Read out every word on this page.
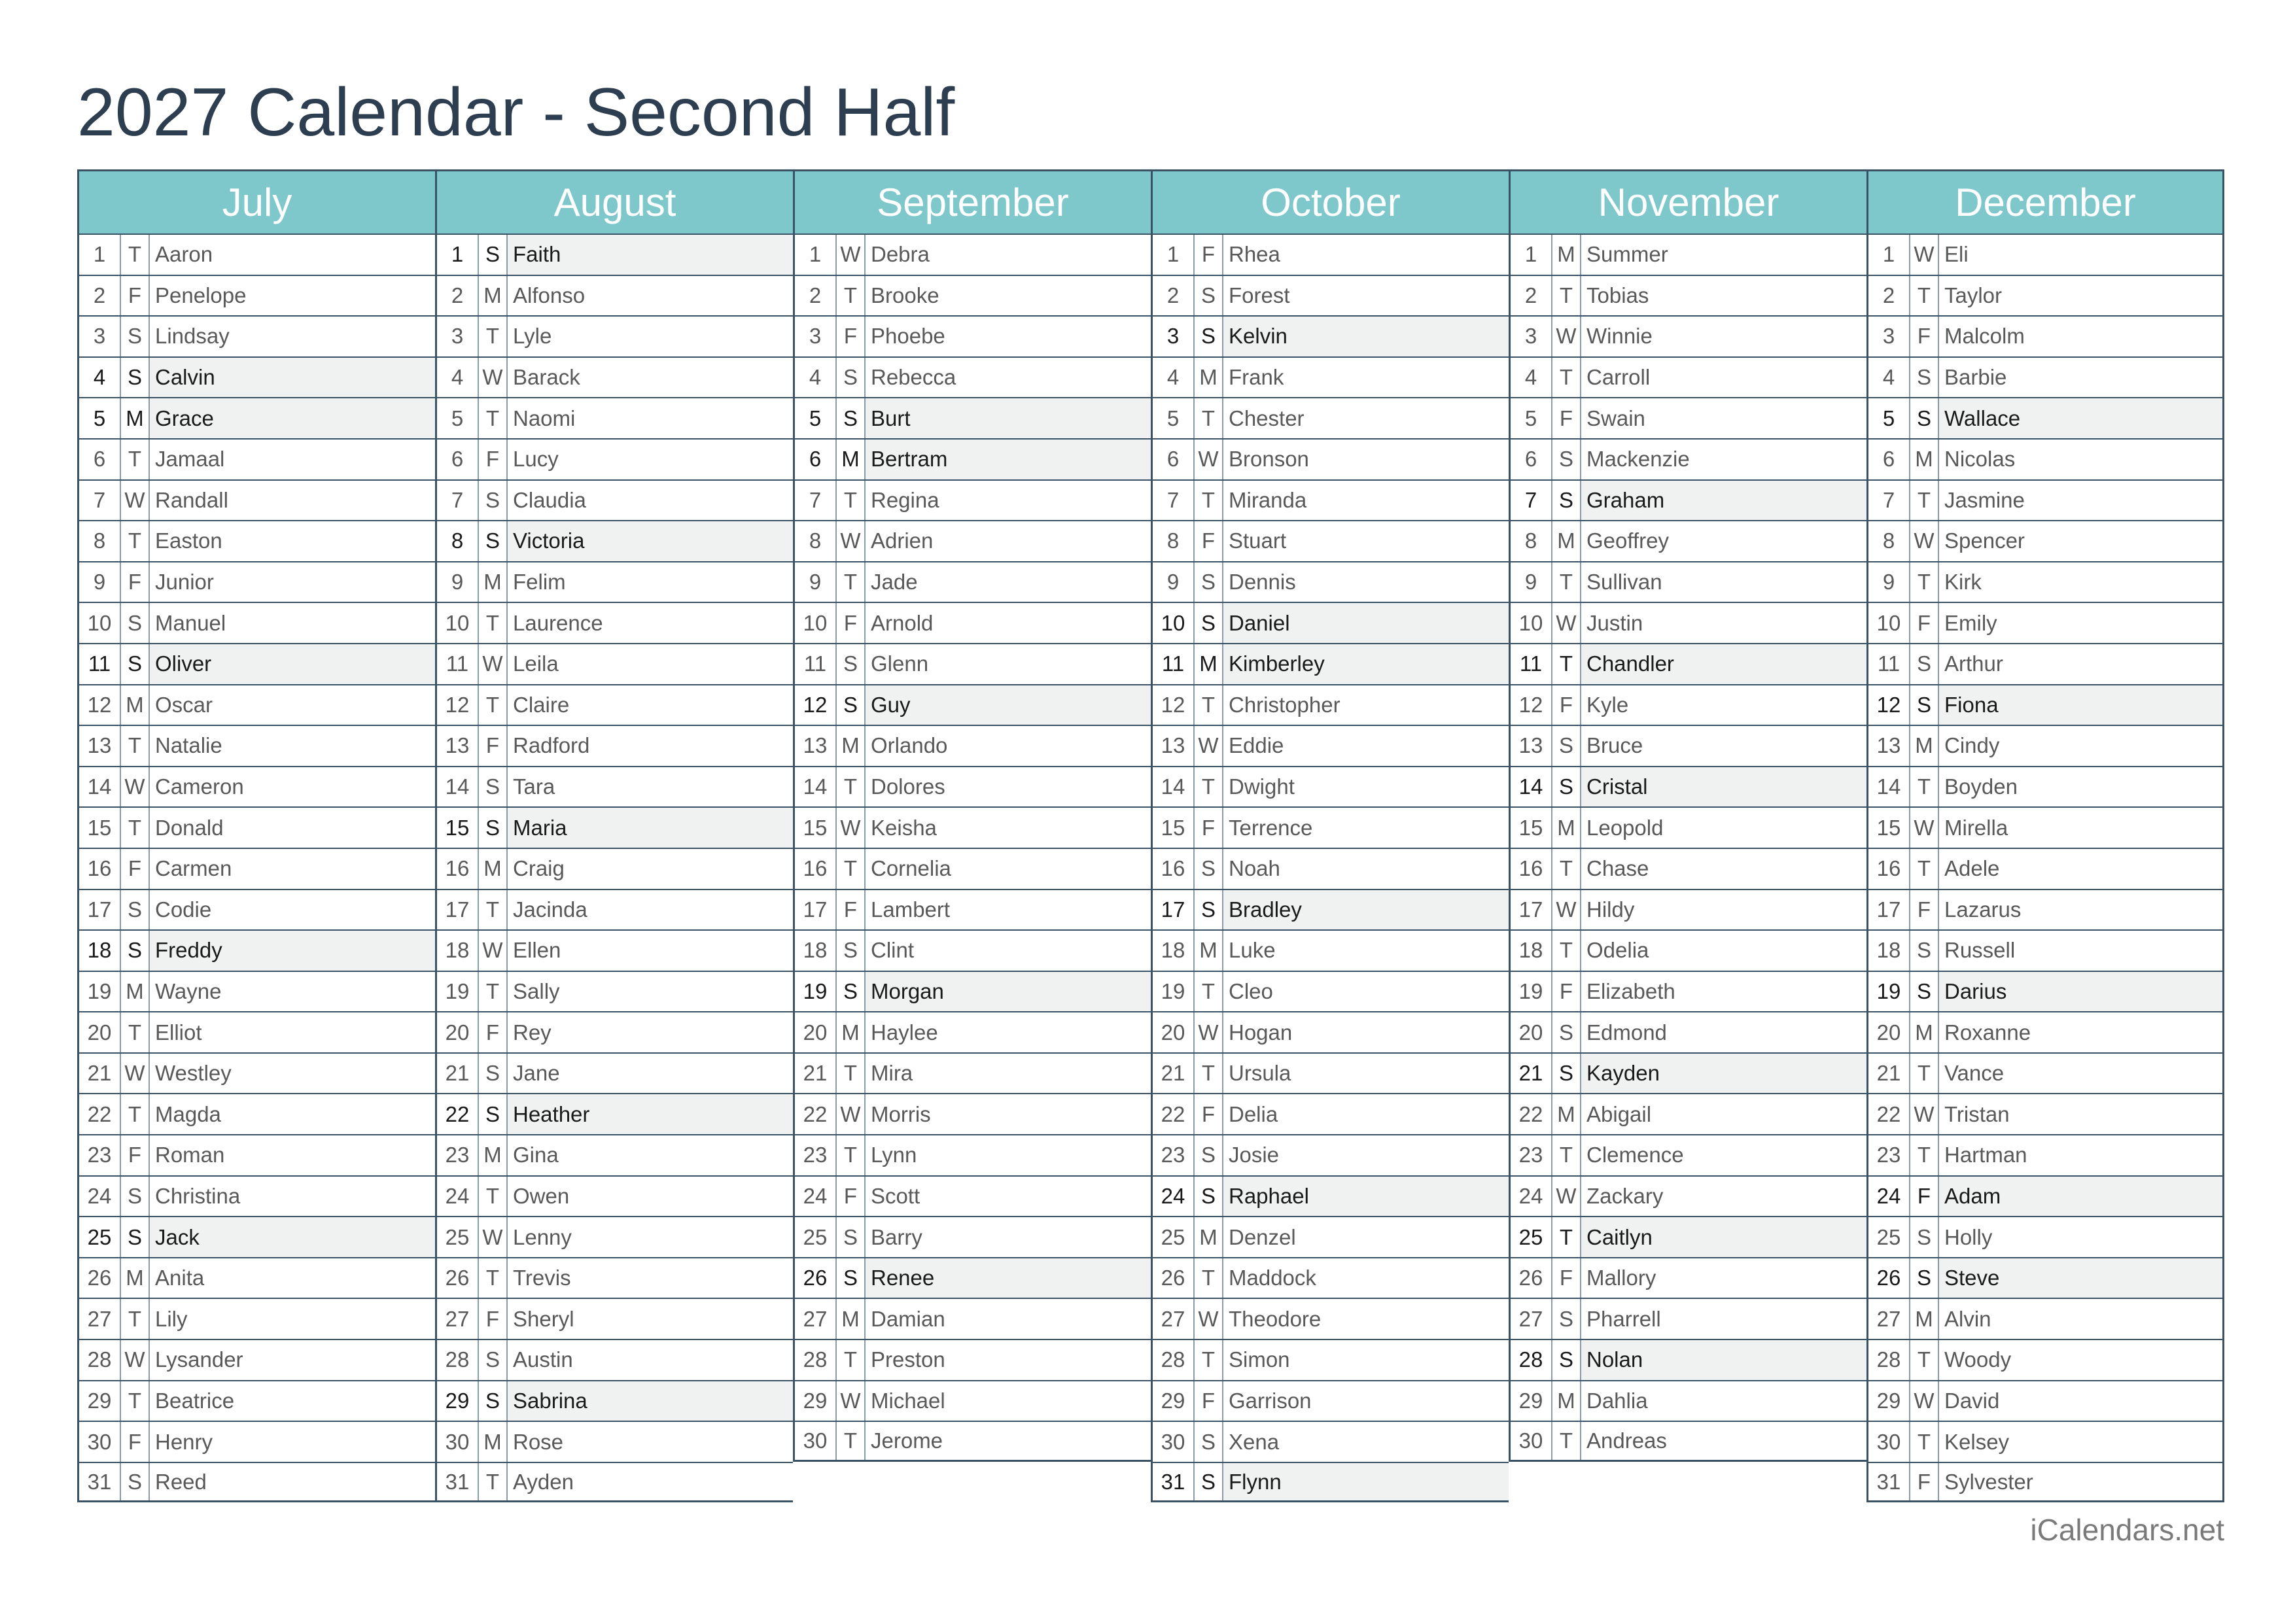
2027 Calendar - Second Half
July
1	T Aaron
2	F Penelope
3	S Lindsay
4	S Calvin
5 M Grace
6	T Jamaal
7 W Randall
8	T Easton
9	F Junior
10 S Manuel
11 S Oliver
12 M Oscar
13 T Natalie
14 W Cameron
15 T Donald
16 F Carmen
17 S Codie
18 S Freddy
19 M Wayne
20 T Elliot
21 W Westley
22 T Magda
23 F Roman
24 S Christina
25 S Jack
26 M Anita
27 T Lily
28 W Lysander
29 T Beatrice
30 F Henry
31 S Reed
August
1	S Faith
2 M Alfonso
3	T Lyle
4 W Barack
5	T Naomi
6	F Lucy
7	S Claudia
8	S Victoria
9 M Felim
10 T Laurence
11 W Leila
12 T Claire
13 F Radford
14 S Tara
15 S Maria
16 M Craig
17 T Jacinda
18 W Ellen
19 T Sally
20 F Rey
21 S Jane
22 S Heather
23 M Gina
24 T Owen
25 W Lenny
26 T Trevis
27 F Sheryl
28 S Austin
29 S Sabrina
30 M Rose
31 T Ayden
September
1 W Debra
2	T Brooke
3	F Phoebe
4	S Rebecca
5	S Burt
6 M Bertram
7	T Regina
8 W Adrien
9	T Jade
10 F Arnold
11 S Glenn
12 S Guy
13 M Orlando
14 T Dolores
15 W Keisha
16 T Cornelia
17 F Lambert
18 S Clint
19 S Morgan
20 M Haylee
21 T Mira
22 W Morris
23 T Lynn
24 F Scott
25 S Barry
26 S Renee
27 M Damian
28 T Preston
29 W Michael
30 T Jerome
October
1	F Rhea
2	S Forest
3	S Kelvin
4 M Frank
5	T Chester
6 W Bronson
7	T Miranda
8	F Stuart
9	S Dennis
10 S Daniel
11 M Kimberley
12 T Christopher
13 W Eddie
14 T Dwight
15 F Terrence
16 S Noah
17 S Bradley
18 M Luke
19 T Cleo
20 W Hogan
21 T Ursula
22 F Delia
23 S Josie
24 S Raphael
25 M Denzel
26 T Maddock
27 W Theodore
28 T Simon
29 F Garrison
30 S Xena
31 S Flynn
November
1 M Summer
2	T Tobias
3 W Winnie
4	T Carroll
5	F Swain
6	S Mackenzie
7	S Graham
8 M Geoffrey
9	T Sullivan
10 W Justin
11 T Chandler
12 F Kyle
13 S Bruce
14 S Cristal
15 M Leopold
16 T Chase
17 W Hildy
18 T Odelia
19 F Elizabeth
20 S Edmond
21 S Kayden
22 M Abigail
23 T Clemence
24 W Zackary
25 T Caitlyn
26 F Mallory
27 S Pharrell
28 S Nolan
29 M Dahlia
30 T Andreas
December
1 W Eli
2	T Taylor
3	F Malcolm
4	S Barbie
5	S Wallace
6 M Nicolas
7	T Jasmine
8 W Spencer
9	T Kirk
10 F Emily
11 S Arthur
12 S Fiona
13 M Cindy
14 T Boyden
15 W Mirella
16 T Adele
17 F Lazarus
18 S Russell
19 S Darius
20 M Roxanne
21 T Vance
22 W Tristan
23 T Hartman
24 F Adam
25 S Holly
26 S Steve
27 M Alvin
28 T Woody
29 W David
30 T Kelsey
31 F Sylvester
iCalendars.net
